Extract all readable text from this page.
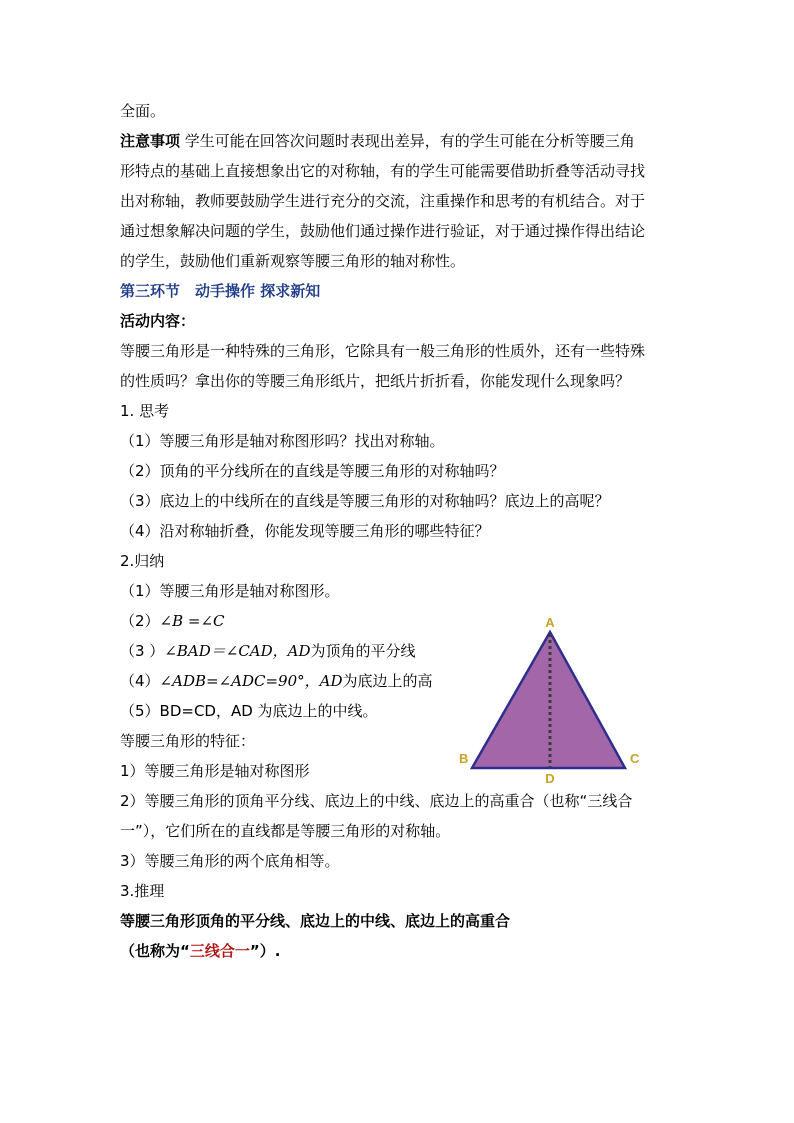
全面。
注意事项 学生可能在回答次问题时表现出差异，有的学生可能在分析等腰三角
形特点的基础上直接想象出它的对称轴，有的学生可能需要借助折叠等活动寻找
出对称轴，教师要鼓励学生进行充分的交流，注重操作和思考的有机结合。对于
通过想象解决问题的学生，鼓励他们通过操作进行验证，对于通过操作得出结论
的学生，鼓励他们重新观察等腰三角形的轴对称性。
第三环节　动手操作 探求新知
活动内容：
等腰三角形是一种特殊的三角形，它除具有一般三角形的性质外，还有一些特殊
的性质吗？拿出你的等腰三角形纸片，把纸片折折看，你能发现什么现象吗？
1. 思考
（1）等腰三角形是轴对称图形吗？找出对称轴。
（2）顶角的平分线所在的直线是等腰三角形的对称轴吗？
（3）底边上的中线所在的直线是等腰三角形的对称轴吗？底边上的高呢？
（4）沿对称轴折叠，你能发现等腰三角形的哪些特征？
2.归纳
（1）等腰三角形是轴对称图形。
（2）∠B =∠C
（3 ）∠BAD＝∠CAD，AD为顶角的平分线
（4）∠ADB=∠ADC=90°，AD为底边上的高
（5）BD=CD，AD 为底边上的中线。
等腰三角形的特征：
1）等腰三角形是轴对称图形
2）等腰三角形的顶角平分线、底边上的中线、底边上的高重合（也称“三线合
一”），它们所在的直线都是等腰三角形的对称轴。
3）等腰三角形的两个底角相等。
3.推理
等腰三角形顶角的平分线、底边上的中线、底边上的高重合
（也称为“三线合一”）.
A
B	C
D
